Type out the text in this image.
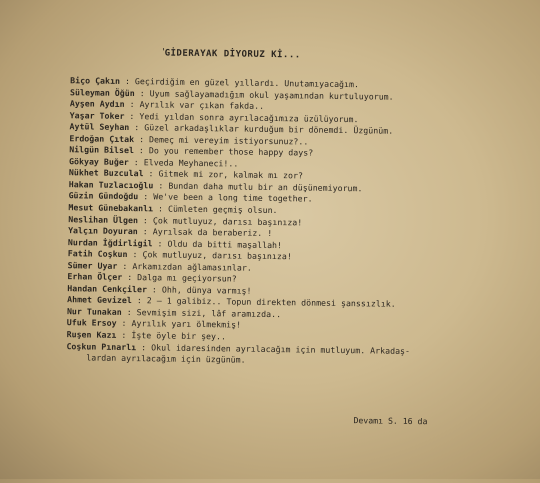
'
GİDERAYAK DİYORUZ Kİ...
Biço Çakın : Geçirdiğim en güzel yıllardı. Unutamıyacağım.
Süleyman Öğün : Uyum sağlayamadığım okul yaşamından kurtuluyorum.
Ayşen Aydın : Ayrılık var çıkan fakda..
Yaşar Toker : Yedi yıldan sonra ayrılacağımıza üzülüyorum.
Aytül Seyhan : Güzel arkadaşlıklar kurduğum bir dönemdi. Üzgünüm.
Erdoğan Çıtak : Demeç mi vereyim istiyorsunuz?..
Nilgün Bilsel : Do you remember those happy days?
Gökyay Buğer : Elveda Meyhaneci!..
Nükhet Buzculal : Gitmek mi zor, kalmak mı zor?
Hakan Tuzlacıoğlu : Bundan daha mutlu bir an düşünemiyorum.
Güzin Gündoğdu : We've been a long time together.
Mesut Günebakanlı : Cümleten geçmiş olsun.
Neslihan Ülgen : Çok mutluyuz, darısı başınıza!
Yalçın Doyuran : Ayrılsak da beraberiz. !
Nurdan İğdirligil : Oldu da bitti maşallah!
Fatih Coşkun : Çok mutluyuz, darısı başınıza!
Sümer Uyar : Arkamızdan ağlamasınlar.
Erhan Ölçer : Dalga mı geçiyorsun?
Handan Cenkçiler : Ohh, dünya varmış!
Ahmet Gevizel : 2 — 1 galibiz.. Topun direkten dönmesi şanssızlık.
Nur Tunakan : Sevmişim sizi, lâf aramızda..
Ufuk Ersoy : Ayrılık yarı ölmekmiş!
Ruşen Kazı : İşte öyle bir şey..
Coşkun Pınarlı : Okul idaresinden ayrılacağım için mutluyum. Arkadaş-
lardan ayrılacağım için üzgünüm.
Devamı S. 16 da
